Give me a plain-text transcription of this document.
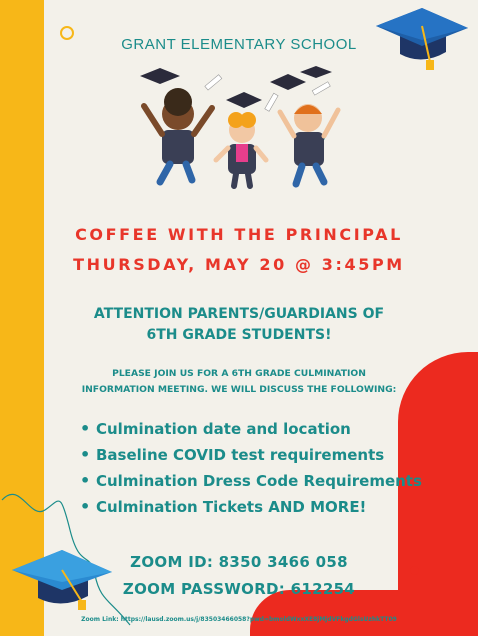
GRANT ELEMENTARY SCHOOL

COFFEE WITH THE PRINCIPAL

THURSDAY, MAY 20 @ 3:45PM

ATTENTION PARENTS/GUARDIANS OF
6TH GRADE STUDENTS!

PLEASE JOIN US FOR A 6TH GRADE CULMINATION
INFORMATION MEETING. WE WILL DISCUSS THE FOLLOWING:

• Culmination date and location
• Baseline COVID test requirements
• Culmination Dress Code Requirements
• Culmination Tickets AND MORE!

ZOOM ID: 8350 3466 058

ZOOM PASSWORD: 612254

Zoom Link: https://lausd.zoom.us/j/83503466058?pwd=bmoldWxxXE8jMjdVFkgdGlsUzhkTT09
